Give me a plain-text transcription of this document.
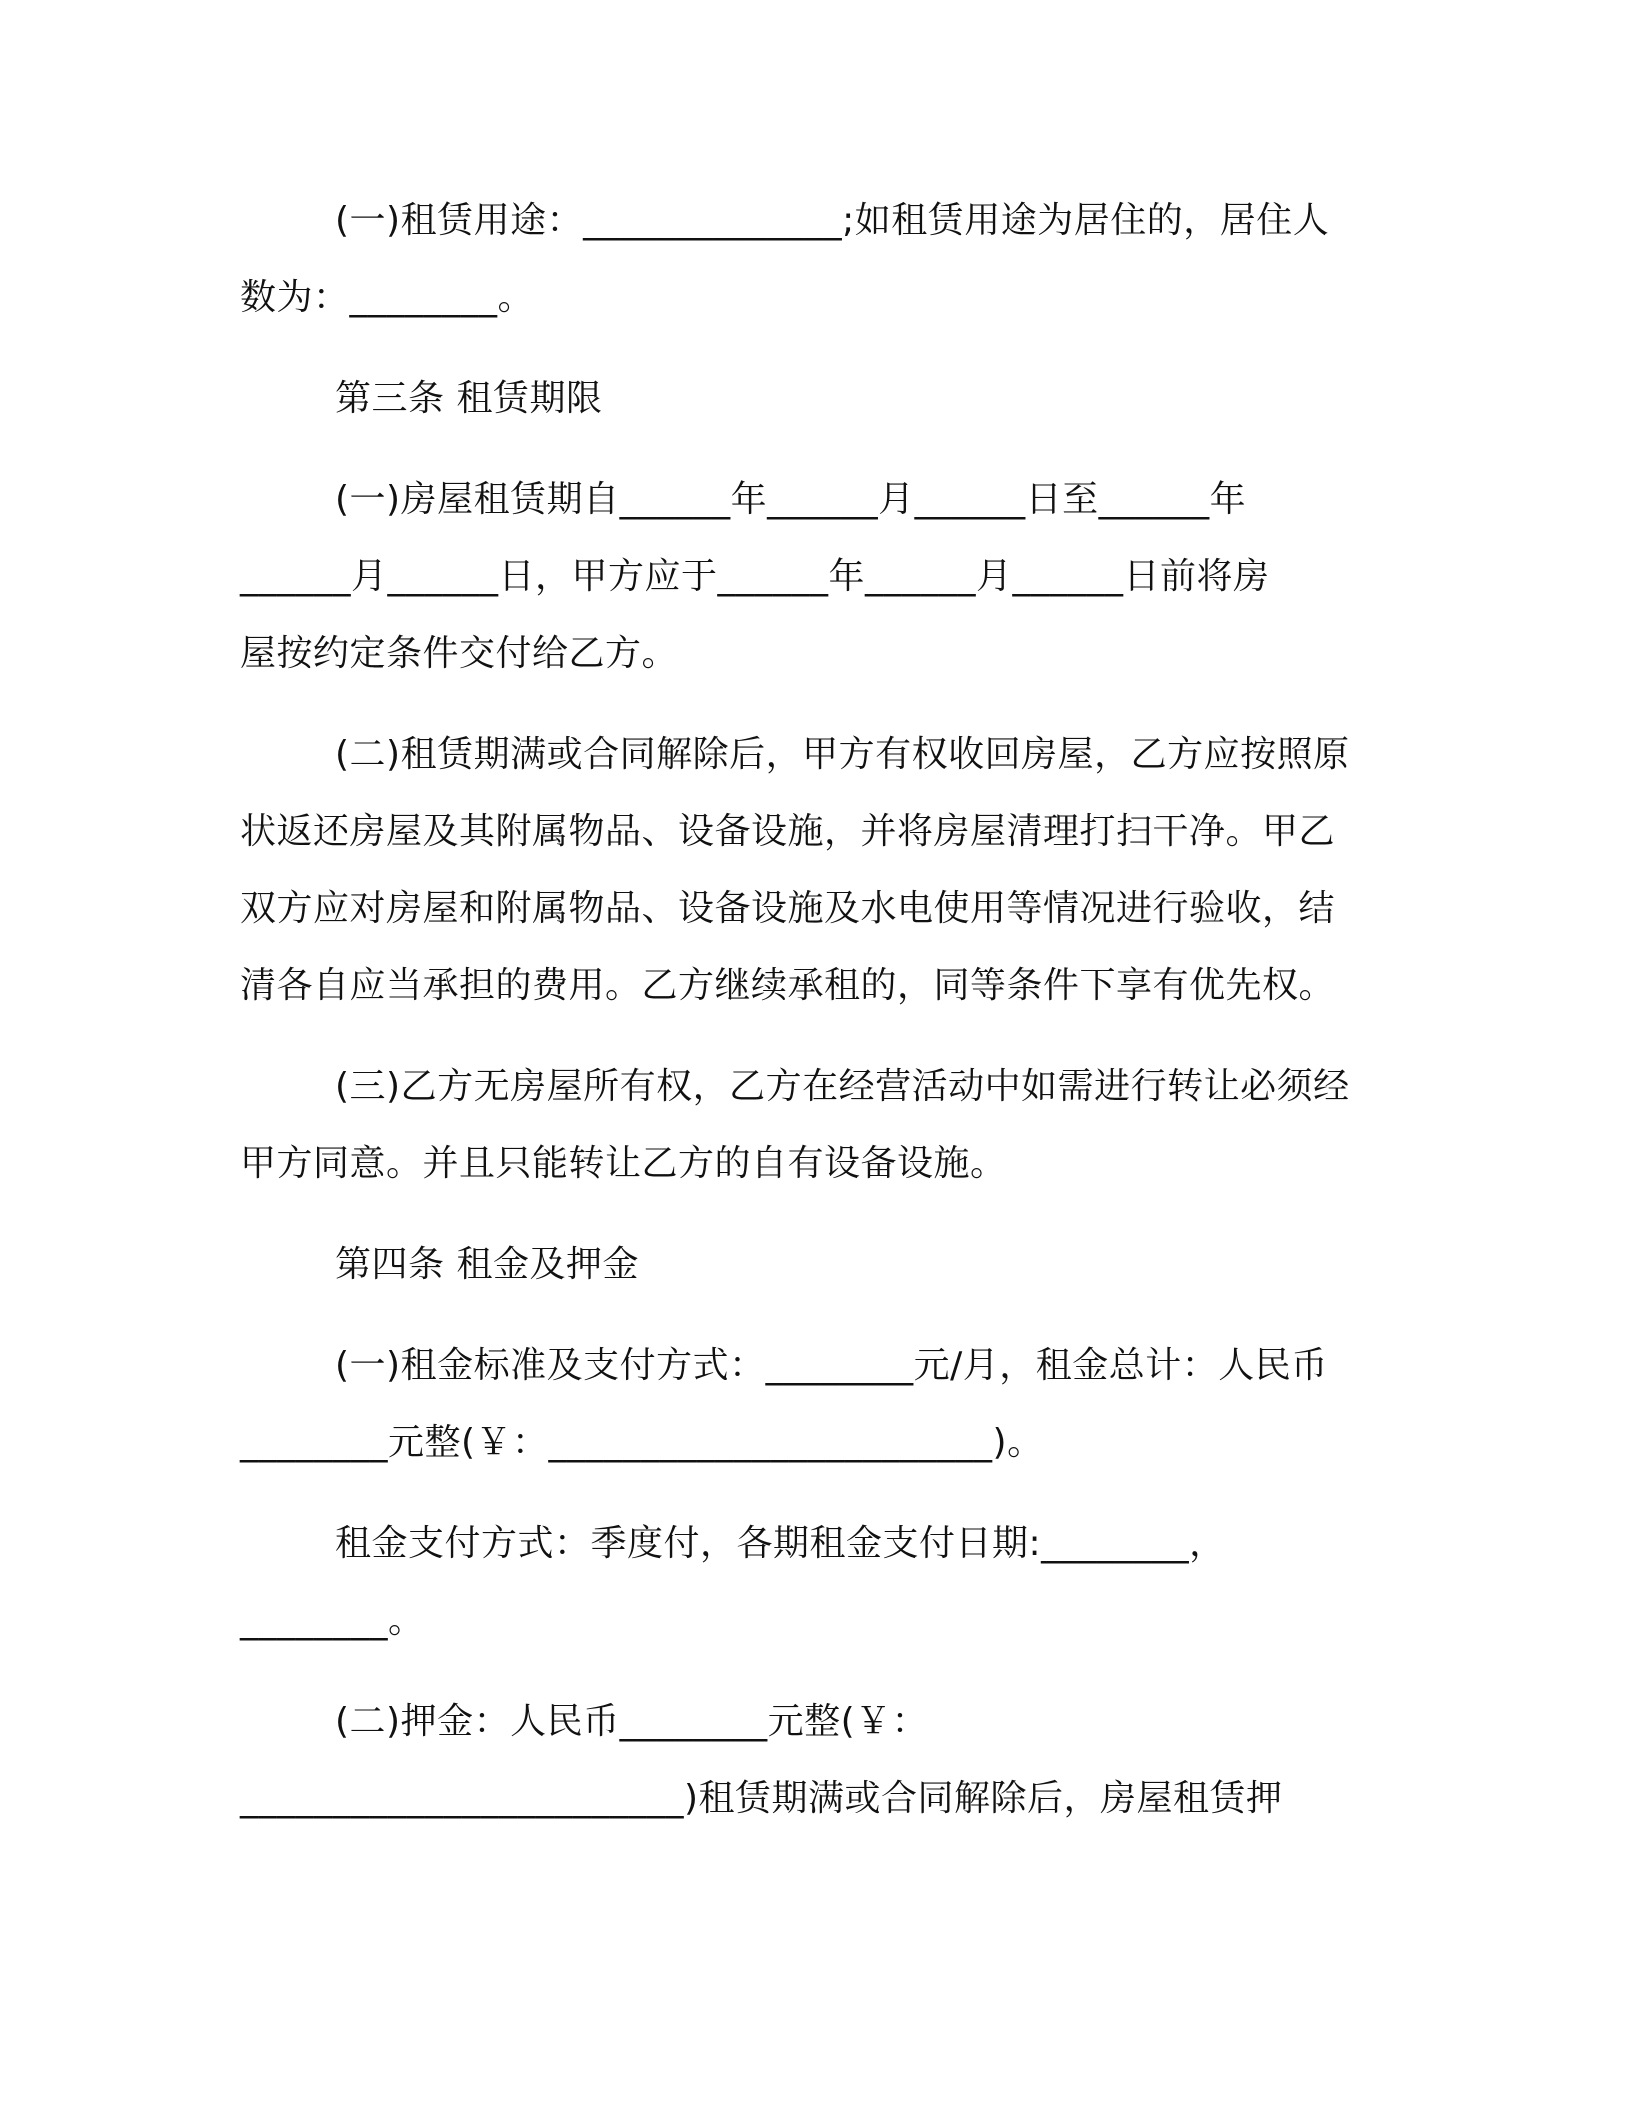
(一)租赁用途：______________;如租赁用途为居住的，居住人
数为：________。
第三条 租赁期限
(一)房屋租赁期自______年______月______日至______年
______月______日，甲方应于______年______月______日前将房
屋按约定条件交付给乙方。
(二)租赁期满或合同解除后，甲方有权收回房屋，乙方应按照原
状返还房屋及其附属物品、设备设施，并将房屋清理打扫干净。甲乙
双方应对房屋和附属物品、设备设施及水电使用等情况进行验收，结
清各自应当承担的费用。乙方继续承租的，同等条件下享有优先权。
(三)乙方无房屋所有权，乙方在经营活动中如需进行转让必须经
甲方同意。并且只能转让乙方的自有设备设施。
第四条 租金及押金
(一)租金标准及支付方式：________元/月，租金总计：人民币
________元整(￥：________________________)。
租金支付方式：季度付，各期租金支付日期:________，
________。
(二)押金：人民币________元整(￥：
________________________)租赁期满或合同解除后，房屋租赁押
